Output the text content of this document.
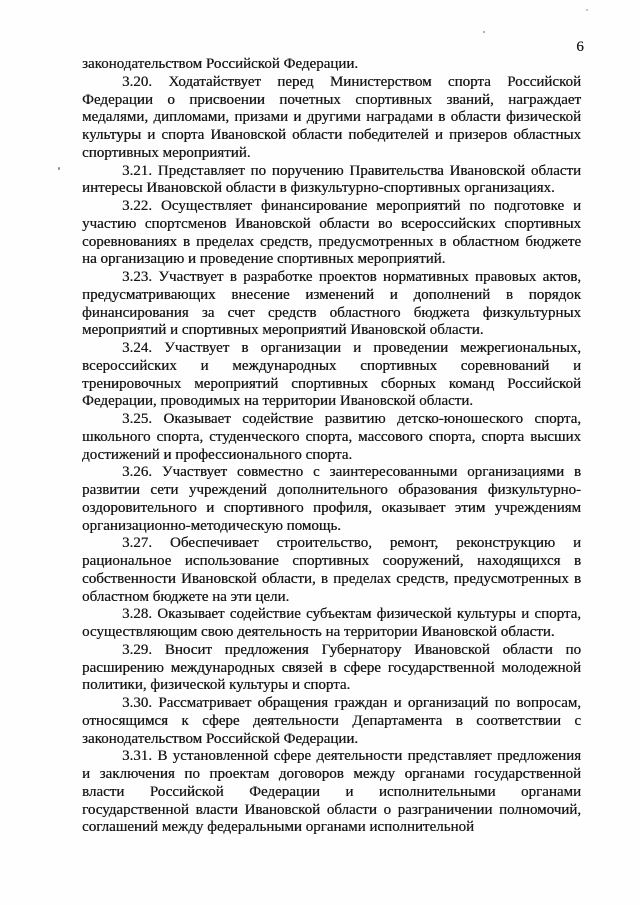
6

законодательством Российской Федерации.

3.20. Ходатайствует перед Министерством спорта Российской Федерации о присвоении почетных спортивных званий, награждает медалями, дипломами, призами и другими наградами в области физической культуры и спорта Ивановской области победителей и призеров областных спортивных мероприятий.

3.21. Представляет по поручению Правительства Ивановской области интересы Ивановской области в физкультурно-спортивных организациях.

3.22. Осуществляет финансирование мероприятий по подготовке и участию спортсменов Ивановской области во всероссийских спортивных соревнованиях в пределах средств, предусмотренных в областном бюджете на организацию и проведение спортивных мероприятий.

3.23. Участвует в разработке проектов нормативных правовых актов, предусматривающих внесение изменений и дополнений в порядок финансирования за счет средств областного бюджета физкультурных мероприятий и спортивных мероприятий Ивановской области.

3.24. Участвует в организации и проведении межрегиональных, всероссийских и международных спортивных соревнований и тренировочных мероприятий спортивных сборных команд Российской Федерации, проводимых на территории Ивановской области.

3.25. Оказывает содействие развитию детско-юношеского спорта, школьного спорта, студенческого спорта, массового спорта, спорта высших достижений и профессионального спорта.

3.26. Участвует совместно с заинтересованными организациями в развитии сети учреждений дополнительного образования физкультурно-оздоровительного и спортивного профиля, оказывает этим учреждениям организационно-методическую помощь.

3.27. Обеспечивает строительство, ремонт, реконструкцию и рациональное использование спортивных сооружений, находящихся в собственности Ивановской области, в пределах средств, предусмотренных в областном бюджете на эти цели.

3.28. Оказывает содействие субъектам физической культуры и спорта, осуществляющим свою деятельность на территории Ивановской области.

3.29. Вносит предложения Губернатору Ивановской области по расширению международных связей в сфере государственной молодежной политики, физической культуры и спорта.

3.30. Рассматривает обращения граждан и организаций по вопросам, относящимся к сфере деятельности Департамента в соответствии с законодательством Российской Федерации.

3.31. В установленной сфере деятельности представляет предложения и заключения по проектам договоров между органами государственной власти Российской Федерации и исполнительными органами государственной власти Ивановской области о разграничении полномочий, соглашений между федеральными органами исполнительной
